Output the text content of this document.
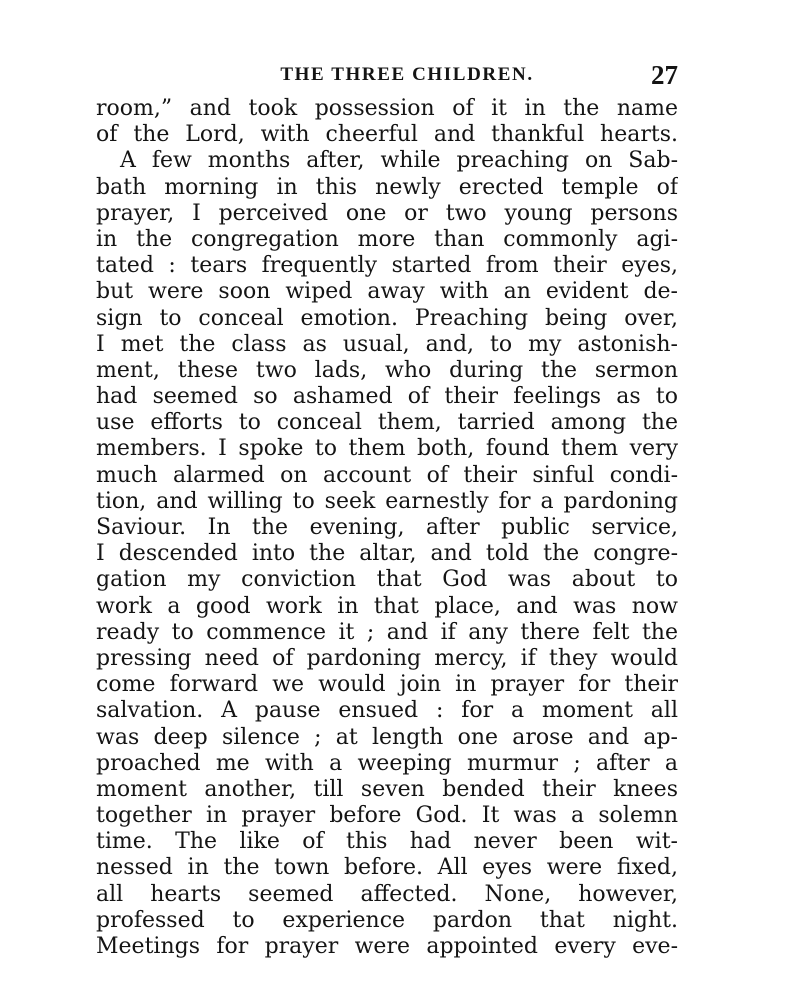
THE THREE CHILDREN.	27
room,” and took possession of it in the name
of the Lord, with cheerful and thankful hearts.
A few months after, while preaching on Sab-
bath morning in this newly erected temple of
prayer, I perceived one or two young persons
in the congregation more than commonly agi-
tated : tears frequently started from their eyes,
but were soon wiped away with an evident de-
sign to conceal emotion. Preaching being over,
I met the class as usual, and, to my astonish-
ment, these two lads, who during the sermon
had seemed so ashamed of their feelings as to
use efforts to conceal them, tarried among the
members. I spoke to them both, found them very
much alarmed on account of their sinful condi-
tion, and willing to seek earnestly for a pardoning
Saviour. In the evening, after public service,
I descended into the altar, and told the congre-
gation my conviction that God was about to
work a good work in that place, and was now
ready to commence it ; and if any there felt the
pressing need of pardoning mercy, if they would
come forward we would join in prayer for their
salvation. A pause ensued : for a moment all
was deep silence ; at length one arose and ap-
proached me with a weeping murmur ; after a
moment another, till seven bended their knees
together in prayer before God. It was a solemn
time. The like of this had never been wit-
nessed in the town before. All eyes were fixed,
all hearts seemed affected. None, however,
professed to experience pardon that night.
Meetings for prayer were appointed every eve-
